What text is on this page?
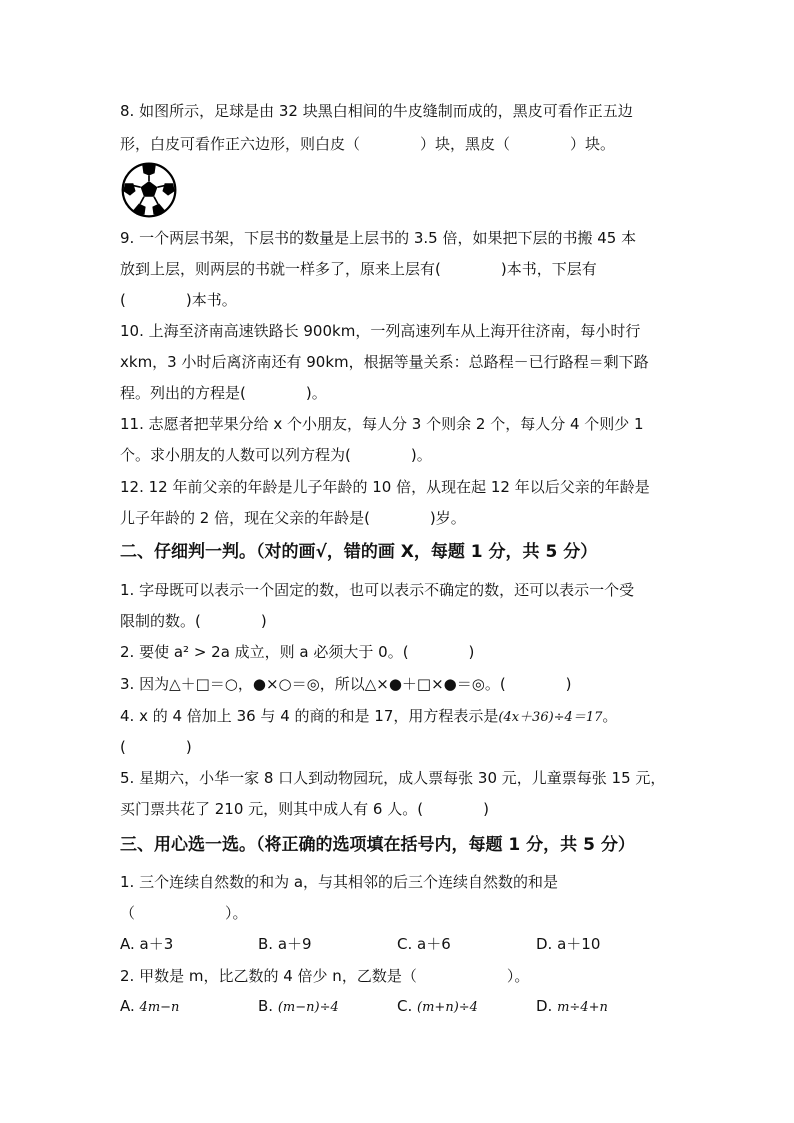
8. 如图所示，足球是由 32 块黑白相间的牛皮缝制而成的，黑皮可看作正五边
形，白皮可看作正六边形，则白皮（　　　　）块，黑皮（　　　　）块。
9. 一个两层书架，下层书的数量是上层书的 3.5 倍，如果把下层的书搬 45 本
放到上层，则两层的书就一样多了，原来上层有(　　　　)本书，下层有
(　　　　)本书。
10. 上海至济南高速铁路长 900km，一列高速列车从上海开往济南，每小时行
xkm，3 小时后离济南还有 90km，根据等量关系：总路程－已行路程＝剩下路
程。列出的方程是(　　　　)。
11. 志愿者把苹果分给 x 个小朋友，每人分 3 个则余 2 个，每人分 4 个则少 1
个。求小朋友的人数可以列方程为(　　　　)。
12. 12 年前父亲的年龄是儿子年龄的 10 倍，从现在起 12 年以后父亲的年龄是
儿子年龄的 2 倍，现在父亲的年龄是(　　　　)岁。
二、仔细判一判。（对的画√，错的画 X，每题 1 分，共 5 分）
1. 字母既可以表示一个固定的数，也可以表示不确定的数，还可以表示一个受
限制的数。(　　　　)
2. 要使 a² > 2a 成立，则 a 必须大于 0。(　　　　)
3. 因为△＋□＝○，●×○＝◎，所以△×●＋□×●＝◎。(　　　　)
4. x 的 4 倍加上 36 与 4 的商的和是 17，用方程表示是(4x＋36)÷4＝17。
(　　　　)
5. 星期六，小华一家 8 口人到动物园玩，成人票每张 30 元，儿童票每张 15 元，
买门票共花了 210 元，则其中成人有 6 人。(　　　　)
三、用心选一选。（将正确的选项填在括号内，每题 1 分，共 5 分）
1. 三个连续自然数的和为 a，与其相邻的后三个连续自然数的和是
（　　　　　　）。
A. a＋3	B. a＋9	C. a＋6	D. a＋10
2. 甲数是 m，比乙数的 4 倍少 n，乙数是（　　　　　　）。
A. 4m−n	B. (m−n)÷4	C. (m+n)÷4	D. m÷4+n
